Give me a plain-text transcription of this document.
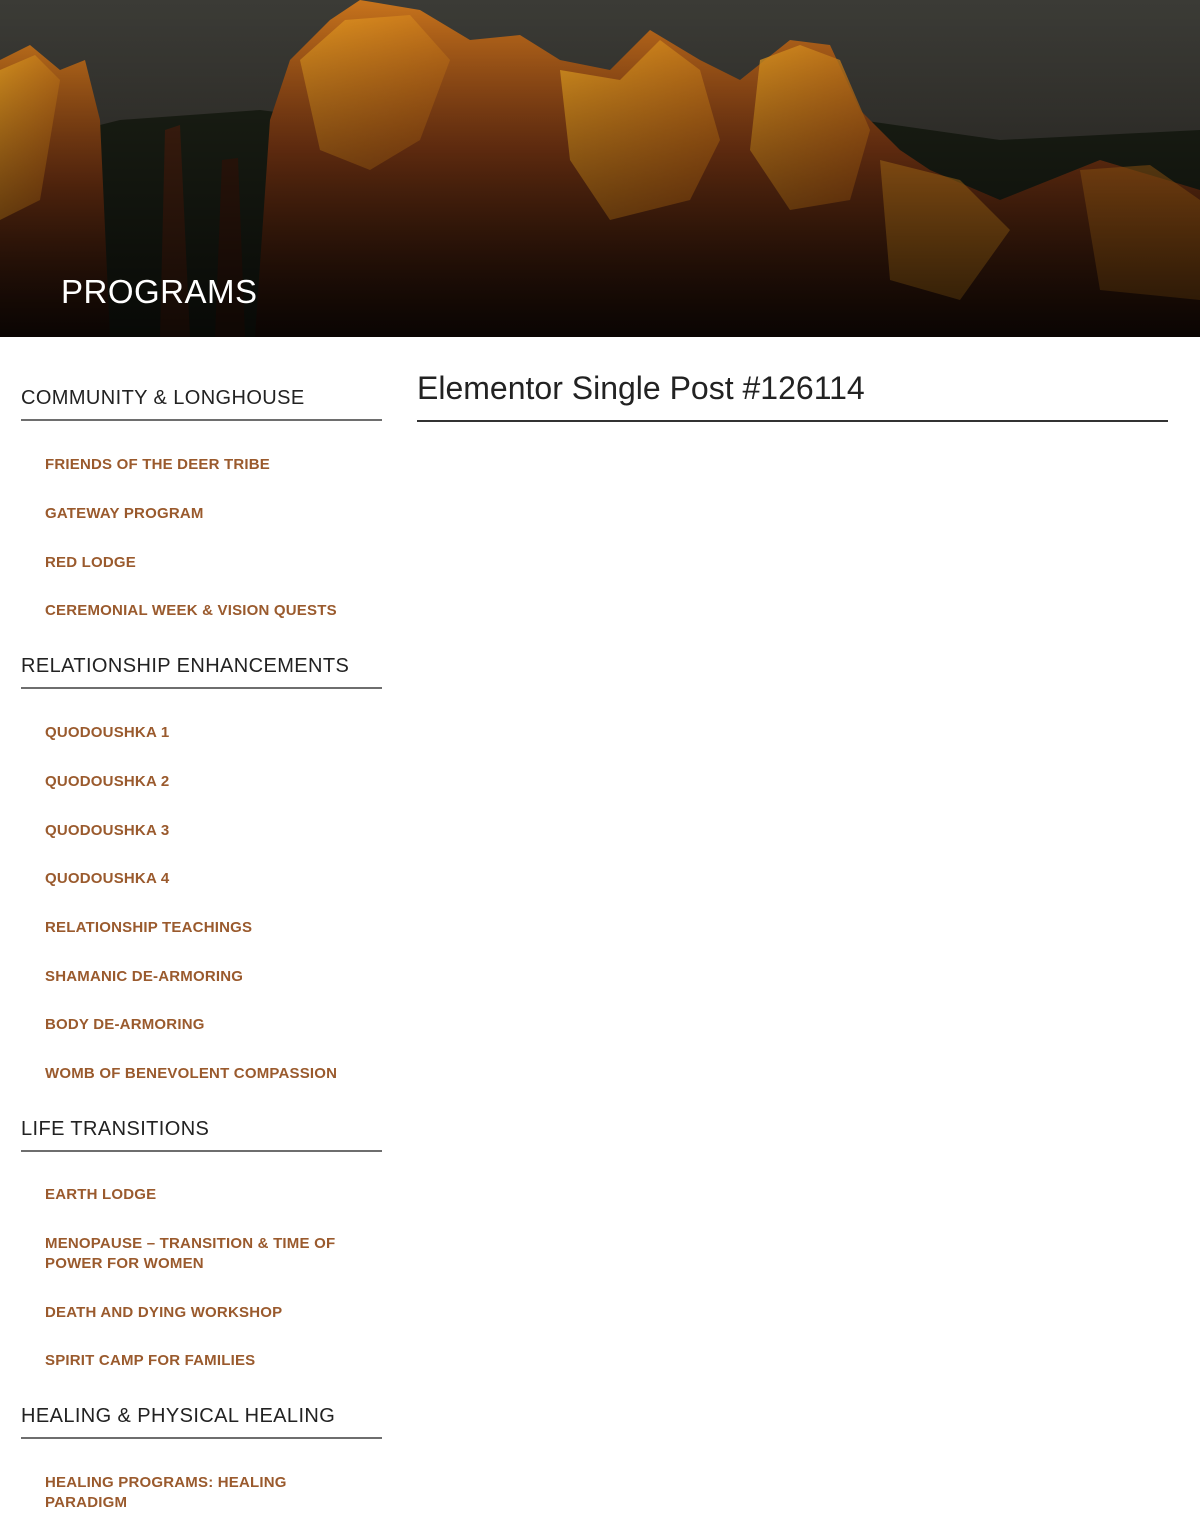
PROGRAMS
COMMUNITY & LONGHOUSE
FRIENDS OF THE DEER TRIBE
GATEWAY PROGRAM
RED LODGE
CEREMONIAL WEEK & VISION QUESTS
RELATIONSHIP ENHANCEMENTS
QUODOUSHKA 1
QUODOUSHKA 2
QUODOUSHKA 3
QUODOUSHKA 4
RELATIONSHIP TEACHINGS
SHAMANIC DE-ARMORING
BODY DE-ARMORING
WOMB OF BENEVOLENT COMPASSION
LIFE TRANSITIONS
EARTH LODGE
MENOPAUSE – TRANSITION & TIME OF POWER FOR WOMEN
DEATH AND DYING WORKSHOP
SPIRIT CAMP FOR FAMILIES
HEALING & PHYSICAL HEALING
HEALING PROGRAMS: HEALING PARADIGM
Elementor Single Post #126114
